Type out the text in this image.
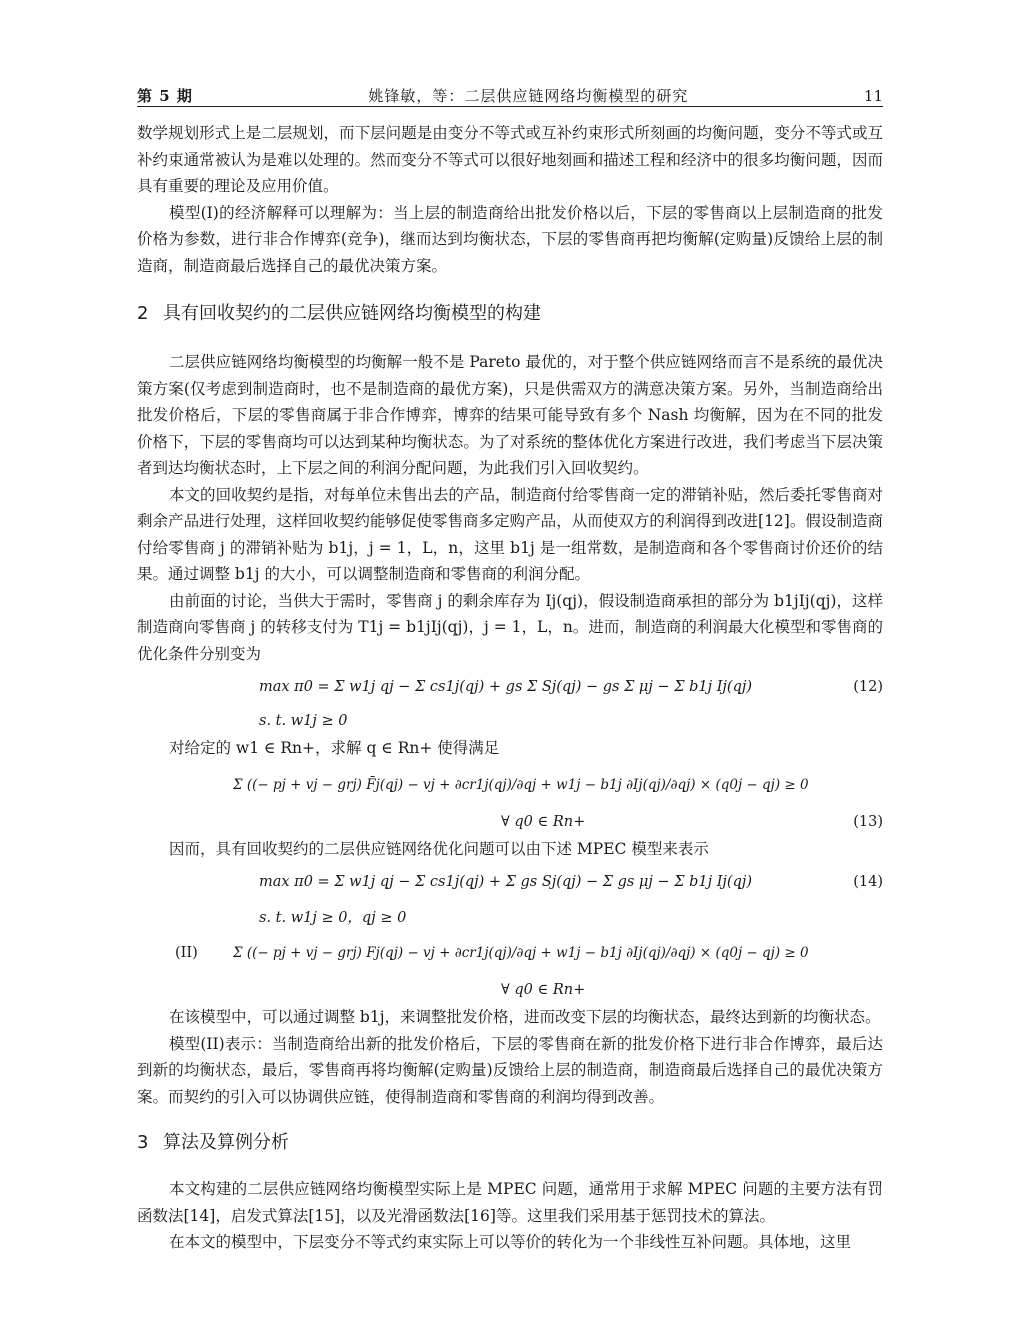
第 5 期	姚锋敏，等：二层供应链网络均衡模型的研究	11

数学规划形式上是二层规划，而下层问题是由变分不等式或互补约束形式所刻画的均衡问题，变分不等式或互补约束通常被认为是难以处理的。然而变分不等式可以很好地刻画和描述工程和经济中的很多均衡问题，因而具有重要的理论及应用价值。

模型(I)的经济解释可以理解为：当上层的制造商给出批发价格以后，下层的零售商以上层制造商的批发价格为参数，进行非合作博弈(竞争)，继而达到均衡状态，下层的零售商再把均衡解(定购量)反馈给上层的制造商，制造商最后选择自己的最优决策方案。

2 具有回收契约的二层供应链网络均衡模型的构建

二层供应链网络均衡模型的均衡解一般不是 Pareto 最优的，对于整个供应链网络而言不是系统的最优决策方案(仅考虑到制造商时，也不是制造商的最优方案)，只是供需双方的满意决策方案。另外，当制造商给出批发价格后，下层的零售商属于非合作博弈，博弈的结果可能导致有多个 Nash 均衡解，因为在不同的批发价格下，下层的零售商均可以达到某种均衡状态。为了对系统的整体优化方案进行改进，我们考虑当下层决策者到达均衡状态时，上下层之间的利润分配问题，为此我们引入回收契约。

本文的回收契约是指，对每单位未售出去的产品，制造商付给零售商一定的滞销补贴，然后委托零售商对剩余产品进行处理，这样回收契约能够促使零售商多定购产品，从而使双方的利润得到改进[12]。假设制造商付给零售商 j 的滞销补贴为 b1j，j = 1，L，n，这里 b1j 是一组常数，是制造商和各个零售商讨价还价的结果。通过调整 b1j 的大小，可以调整制造商和零售商的利润分配。

由前面的讨论，当供大于需时，零售商 j 的剩余库存为 Ij(qj)，假设制造商承担的部分为 b1jIj(qj)，这样制造商向零售商 j 的转移支付为 T1j = b1jIj(qj)，j = 1，L，n。进而，制造商的利润最大化模型和零售商的优化条件分别变为

max π0 = Σ w1j qj − Σ cs1j(qj) + gs Σ Sj(qj) − gs Σ μj − Σ b1j Ij(qj)	(12)
s. t. w1j ≥ 0

对给定的 w1 ∈ Rn+，求解 q ∈ Rn+ 使得满足

Σ ((− pj + vj − grj) F̄j(qj) − vj + ∂cr1j(qj)/∂qj + w1j − b1j ∂Ij(qj)/∂qj) × (q0j − qj) ≥ 0
∀ q0 ∈ Rn+	(13)

因而，具有回收契约的二层供应链网络优化问题可以由下述 MPEC 模型来表示

max π0 = Σ w1j qj − Σ cs1j(qj) + Σ gs Sj(qj) − Σ gs μj − Σ b1j Ij(qj)	(14)
s. t. w1j ≥ 0，qj ≥ 0
(II)	Σ ((− pj + vj − grj) Fj(qj) − vj + ∂cr1j(qj)/∂qj + w1j − b1j ∂Ij(qj)/∂qj) × (q0j − qj) ≥ 0
∀ q0 ∈ Rn+

在该模型中，可以通过调整 b1j，来调整批发价格，进而改变下层的均衡状态，最终达到新的均衡状态。

模型(II)表示：当制造商给出新的批发价格后，下层的零售商在新的批发价格下进行非合作博弈，最后达到新的均衡状态，最后，零售商再将均衡解(定购量)反馈给上层的制造商，制造商最后选择自己的最优决策方案。而契约的引入可以协调供应链，使得制造商和零售商的利润均得到改善。

3 算法及算例分析

本文构建的二层供应链网络均衡模型实际上是 MPEC 问题，通常用于求解 MPEC 问题的主要方法有罚函数法[14]，启发式算法[15]，以及光滑函数法[16]等。这里我们采用基于惩罚技术的算法。

在本文的模型中，下层变分不等式约束实际上可以等价的转化为一个非线性互补问题。具体地，这里
